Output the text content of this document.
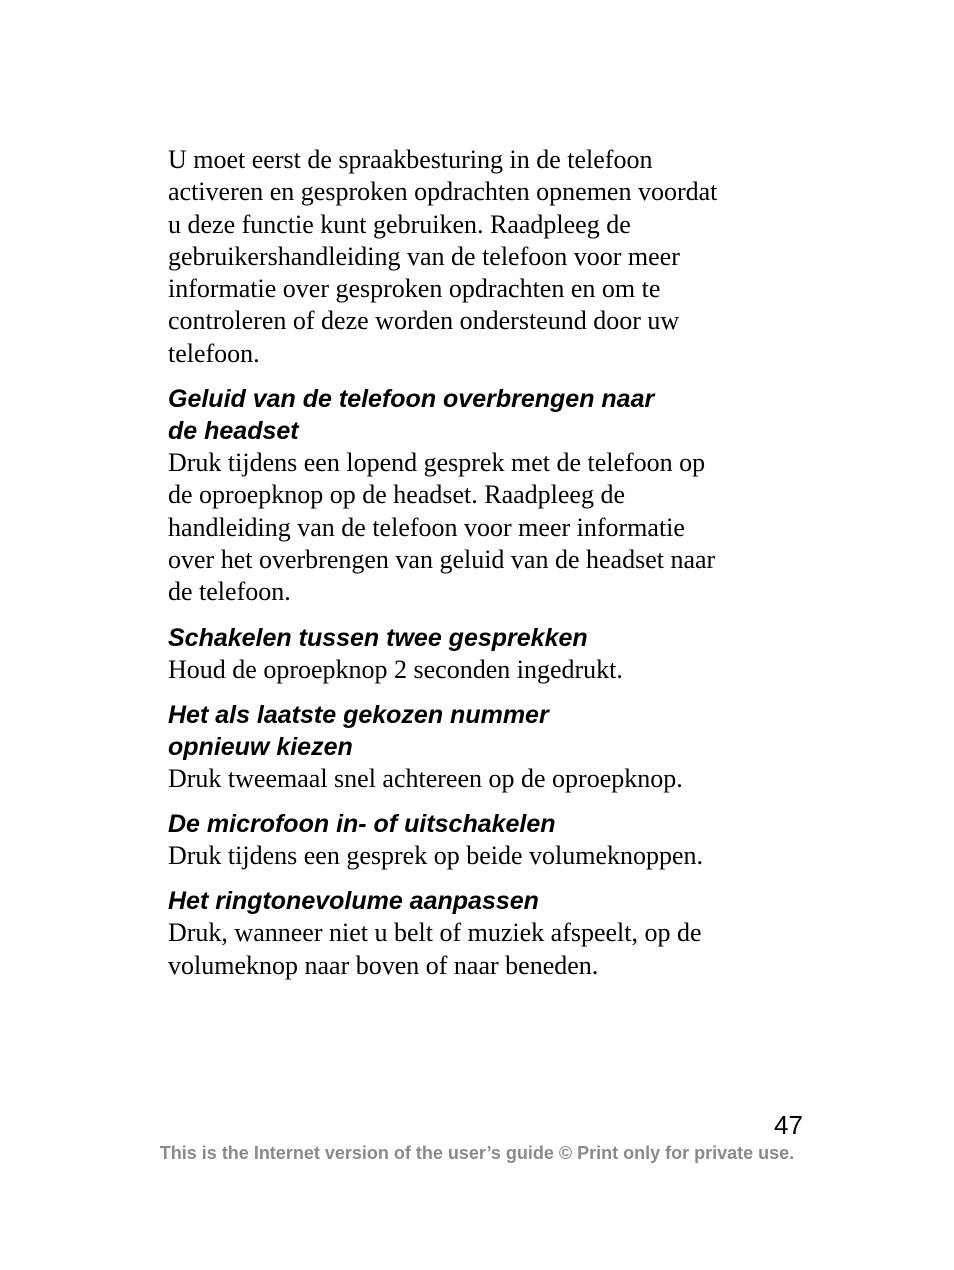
U moet eerst de spraakbesturing in de telefoon
activeren en gesproken opdrachten opnemen voordat
u deze functie kunt gebruiken. Raadpleeg de
gebruikershandleiding van de telefoon voor meer
informatie over gesproken opdrachten en om te
controleren of deze worden ondersteund door uw
telefoon.

Geluid van de telefoon overbrengen naar
de headset

Druk tijdens een lopend gesprek met de telefoon op
de oproepknop op de headset. Raadpleeg de
handleiding van de telefoon voor meer informatie
over het overbrengen van geluid van de headset naar
de telefoon.

Schakelen tussen twee gesprekken

Houd de oproepknop 2 seconden ingedrukt.

Het als laatste gekozen nummer
opnieuw kiezen

Druk tweemaal snel achtereen op de oproepknop.

De microfoon in- of uitschakelen

Druk tijdens een gesprek op beide volumeknoppen.

Het ringtonevolume aanpassen

Druk, wanneer niet u belt of muziek afspeelt, op de
volumeknop naar boven of naar beneden.

47
This is the Internet version of the user’s guide © Print only for private use.
